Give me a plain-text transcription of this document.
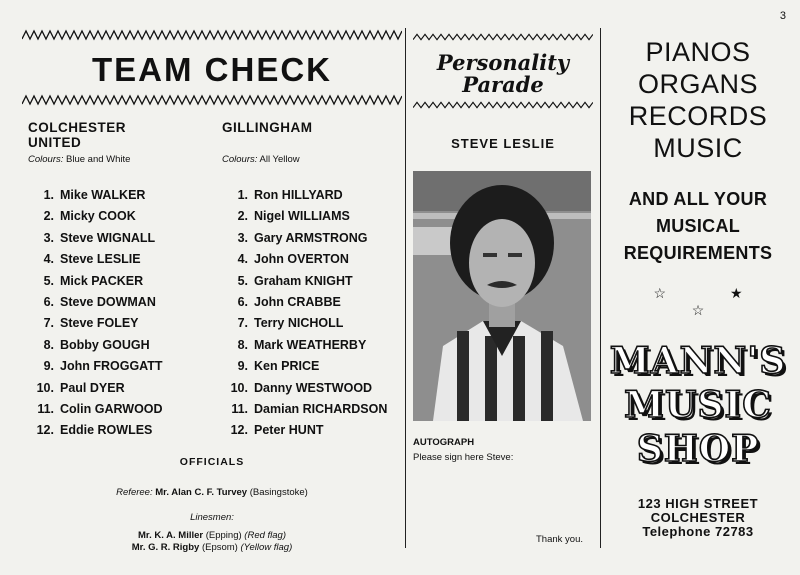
3
TEAM CHECK
COLCHESTER UNITED
Colours: Blue and White
1. Mike WALKER
2. Micky COOK
3. Steve WIGNALL
4. Steve LESLIE
5. Mick PACKER
6. Steve DOWMAN
7. Steve FOLEY
8. Bobby GOUGH
9. John FROGGATT
10. Paul DYER
11. Colin GARWOOD
12. Eddie ROWLES
GILLINGHAM
Colours: All Yellow
1. Ron HILLYARD
2. Nigel WILLIAMS
3. Gary ARMSTRONG
4. John OVERTON
5. Graham KNIGHT
6. John CRABBE
7. Terry NICHOLL
8. Mark WEATHERBY
9. Ken PRICE
10. Danny WESTWOOD
11. Damian RICHARDSON
12. Peter HUNT
OFFICIALS
Referee: Mr. Alan C. F. Turvey (Basingstoke)
Linesmen:
Mr. K. A. Miller (Epping) (Red flag)
Mr. G. R. Rigby (Epsom) (Yellow flag)
Personality
Parade
STEVE LESLIE
AUTOGRAPH
Please sign here Steve:
Thank you.
PIANOS
ORGANS
RECORDS
MUSIC
AND ALL YOUR
MUSICAL
REQUIREMENTS
☆ ★ ☆
MANN'S
MUSIC
SHOP
123 HIGH STREET
COLCHESTER
Telephone 72783
